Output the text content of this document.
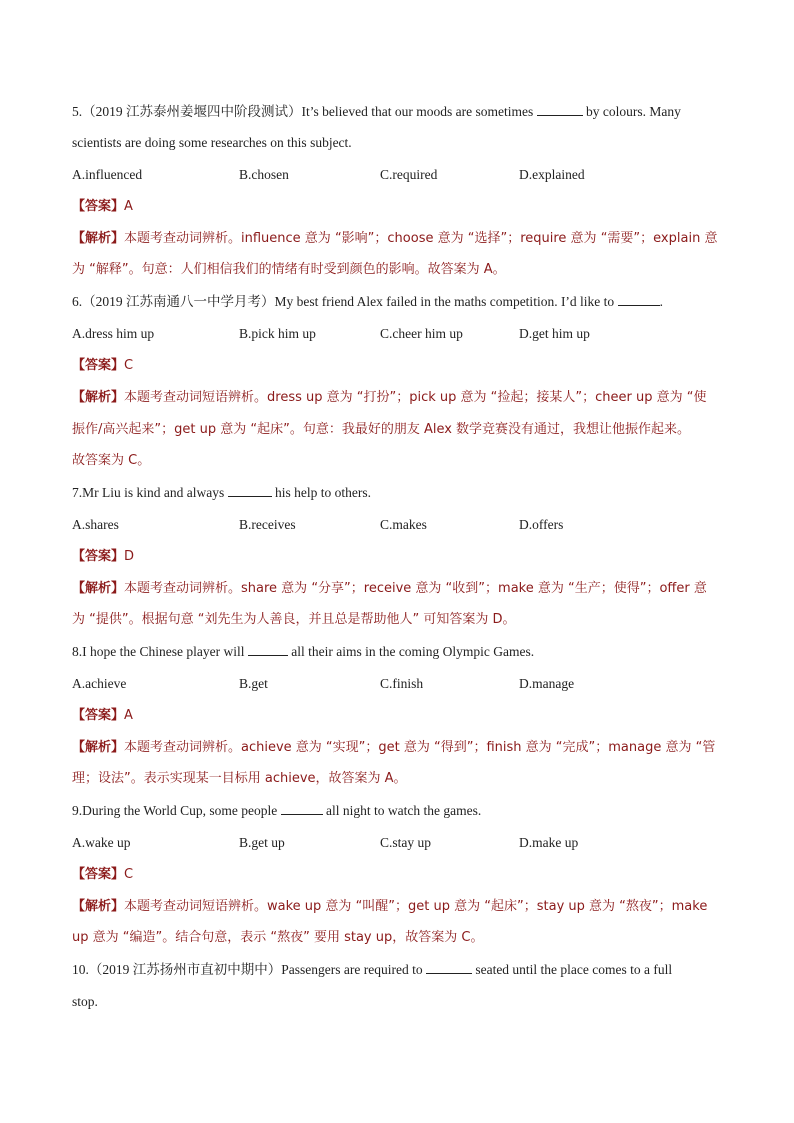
5.（2019 江苏泰州姜堰四中阶段测试）It’s believed that our moods are sometimes	by colours. Many
scientists are doing some researches on this subject.
A.influenced	B.chosen	C.required	D.explained
【答案】A
【解析】本题考查动词辨析。influence 意为 “影响”；choose 意为 “选择”；require 意为 “需要”；explain 意
为 “解释”。句意：人们相信我们的情绪有时受到颜色的影响。故答案为 A。
6.（2019 江苏南通八一中学月考）My best friend Alex failed in the maths competition. I’d like to	.
A.dress him up	B.pick him up	C.cheer him up	D.get him up
【答案】C
【解析】本题考查动词短语辨析。dress up 意为 “打扮”；pick up 意为 “捡起；接某人”；cheer up 意为 “使
振作/高兴起来”；get up 意为 “起床”。句意：我最好的朋友 Alex 数学竞赛没有通过，我想让他振作起来。
故答案为 C。
7.Mr Liu is kind and always	his help to others.
A.shares	B.receives	C.makes	D.offers
【答案】D
【解析】本题考查动词辨析。share 意为 “分享”；receive 意为 “收到”；make 意为 “生产；使得”；offer 意
为 “提供”。根据句意 “刘先生为人善良，并且总是帮助他人” 可知答案为 D。
8.I hope the Chinese player will	all their aims in the coming Olympic Games.
A.achieve	B.get	C.finish	D.manage
【答案】A
【解析】本题考查动词辨析。achieve 意为 “实现”；get 意为 “得到”；finish 意为 “完成”；manage 意为 “管
理；设法”。表示实现某一目标用 achieve，故答案为 A。
9.During the World Cup, some people	all night to watch the games.
A.wake up	B.get up	C.stay up	D.make up
【答案】C
【解析】本题考查动词短语辨析。wake up 意为 “叫醒”；get up 意为 “起床”；stay up 意为 “熬夜”；make
up 意为 “编造”。结合句意，表示 “熬夜” 要用 stay up，故答案为 C。
10.（2019 江苏扬州市直初中期中）Passengers are required to	seated until the place comes to a full
stop.
